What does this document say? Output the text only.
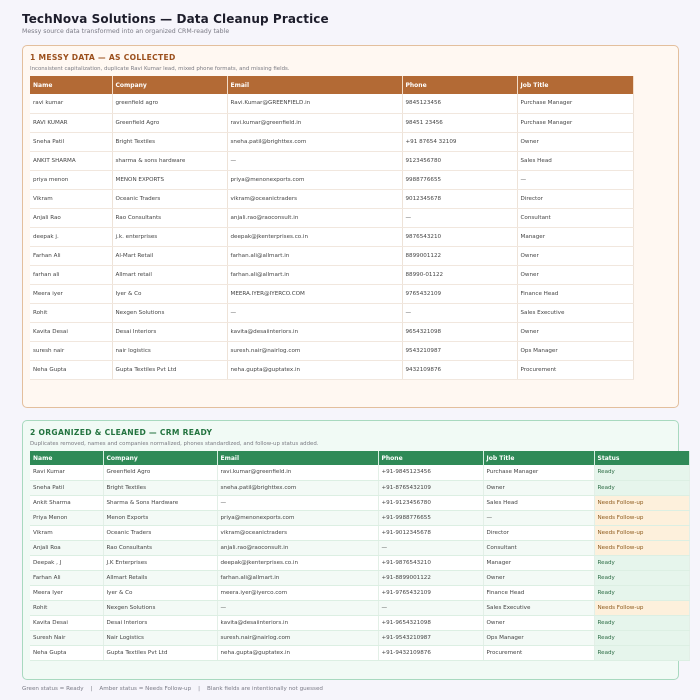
TechNova Solutions — Data Cleanup Practice
Messy source data transformed into an organized CRM-ready table
1 MESSY DATA — AS COLLECTED
Inconsistent capitalization, duplicate Ravi Kumar lead, mixed phone formats, and missing fields.
Name	Company	Email	Phone	Job Title
ravi kumar	greenfield agro	Ravi.Kumar@GREENFIELD.in	9845123456	Purchase Manager
RAVI KUMAR	Greenfield Agro	ravi.kumar@greenfield.in	98451 23456	Purchase Manager
Sneha Patil	Bright Textiles	sneha.patil@brighttex.com	+91 87654 32109	Owner
ANKIT SHARMA	sharma & sons hardware	—	9123456780	Sales Head
priya menon	MENON EXPORTS	priya@menonexports.com	9988776655	—
Vikram	Oceanic Traders	vikram@oceanictraders	9012345678	Director
Anjali Rao	Rao Consultants	anjali.rao@raoconsult.in	—	Consultant
deepak j.	j.k. enterprises	deepak@jkenterprises.co.in	9876543210	Manager
Farhan Ali	Al-Mart Retail	farhan.ali@allmart.in	8899001122	Owner
farhan ali	Allmart retail	farhan.ali@allmart.in	88990-01122	Owner
Meera iyer	Iyer & Co	MEERA.IYER@IYERCO.COM	9765432109	Finance Head
Rohit	Nexgen Solutions	—	—	Sales Executive
Kavita Desai	Desai Interiors	kavita@desaiinteriors.in	9654321098	Owner
suresh nair	nair logistics	suresh.nair@nairlog.com	9543210987	Ops Manager
Neha Gupta	Gupta Textiles Pvt Ltd	neha.gupta@guptatex.in	9432109876	Procurement
2 ORGANIZED & CLEANED — CRM READY
Duplicates removed, names and companies normalized, phones standardized, and follow-up status added.
Name	Company	Email	Phone	Job Title	Status
Ravi Kumar	Greenfield Agro	ravi.kumar@greenfield.in	+91-9845123456	Purchase Manager	Ready
Sneha Patil	Bright Textiles	sneha.patil@brighttex.com	+91-8765432109	Owner	Ready
Ankit Sharma	Sharma & Sons Hardware	—	+91-9123456780	Sales Head	Needs Follow-up
Priya Menon	Menon Exports	priya@menonexports.com	+91-9988776655	—	Needs Follow-up
Vikram	Oceanic Traders	vikram@oceanictraders	+91-9012345678	Director	Needs Follow-up
Anjali Roa	Rao Consultants	anjali.rao@raoconsult.in	—	Consultant	Needs Follow-up
Deepak , J	J.K Enterprises	deepak@jkenterprises.co.in	+91-9876543210	Manager	Ready
Farhan Ali	Allmart Retails	farhan.ali@allmart.in	+91-8899001122	Owner	Ready
Meera Iyer	Iyer & Co	meera.iyer@iyerco.com	+91-9765432109	Finance Head	Ready
Rohit	Nexgen Solutions	—	—	Sales Executive	Needs Follow-up
Kavita Desai	Desai Interiors	kavita@desaiinteriors.in	+91-9654321098	Owner	Ready
Suresh Nair	Nair Logistics	suresh.nair@nairlog.com	+91-9543210987	Ops Manager	Ready
Neha Gupta	Gupta Textiles Pvt Ltd	neha.gupta@guptatex.in	+91-9432109876	Procurement	Ready
Green status = Ready | Amber status = Needs Follow-up | Blank fields are intentionally not guessed
